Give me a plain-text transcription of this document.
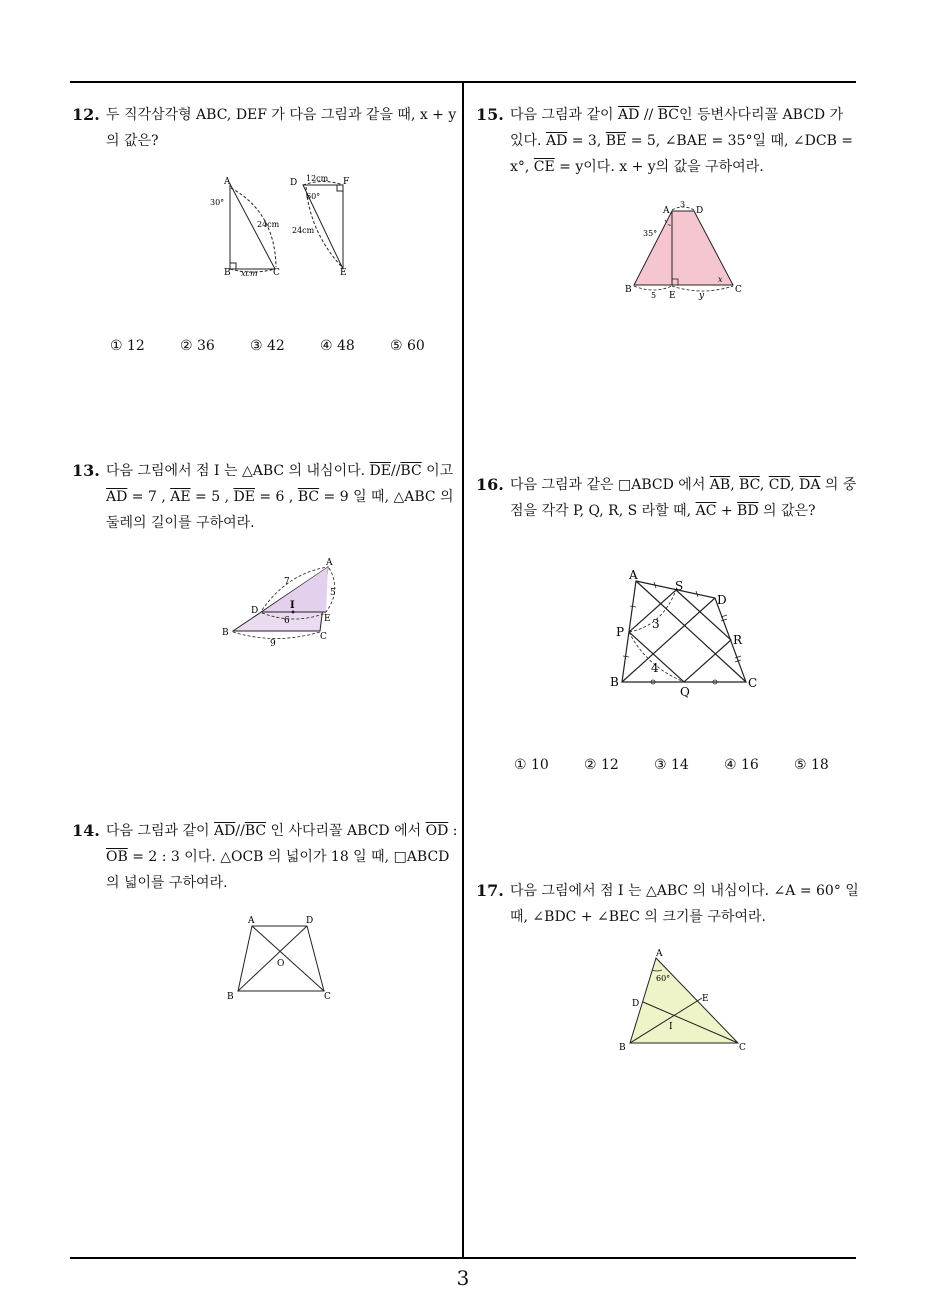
12. 두 직각삼각형 ABC, DEF 가 다음 그림과 같을 때, x + y 의 값은?
A
B	C
D
E
F
30°
60°
12cm
24cm
24cm
xcm
① 12	② 36	③ 42	④ 48	⑤ 60
13. 다음 그림에서 점 I 는 △ABC 의 내심이다. $\overline{DE}//\overline{BC}$ 이고 $\overline{AD} = 7$ , $\overline{AE} = 5$ , $\overline{DE} = 6$ , $\overline{BC} = 9$ 일 때, △ABC 의 둘레의 길이를 구하여라.
A
B	C
D
E
I
7
5
6
9
14. 다음 그림과 같이 $\overline{AD}//\overline{BC}$ 인 사다리꼴 ABCD 에서 $\overline{OD}$ : $\overline{OB} = 2$ : 3 이다. △OCB 의 넓이가 18 일 때, □ABCD 의 넓이를 구하여라.
A	D
B	C
O
15. 다음 그림과 같이 $\overline{AD} // \overline{BC}$인 등변사다리꼴 ABCD 가 있다. $\overline{AD} = 3$, $\overline{BE} = 5$, ∠BAE = 35°일 때, ∠DCB = x°, $\overline{CE} = y$이다. x + y의 값을 구하여라.
A	D
B	C
E
3
5
35°
x
y
16. 다음 그림과 같은 □ABCD 에서 $\overline{AB}$, $\overline{BC}$, $\overline{CD}$, $\overline{DA}$ 의 중점을 각각 P, Q, R, S 라할 때, $\overline{AC} + \overline{BD}$ 의 값은?
A
D
B	C
P
Q
R
S
3
4
① 10	② 12	③ 14	④ 16	⑤ 18
17. 다음 그림에서 점 I 는 △ABC 의 내심이다. ∠A = 60° 일 때, ∠BDC + ∠BEC 의 크기를 구하여라.
A
B	C
D	E
I
60°
3
